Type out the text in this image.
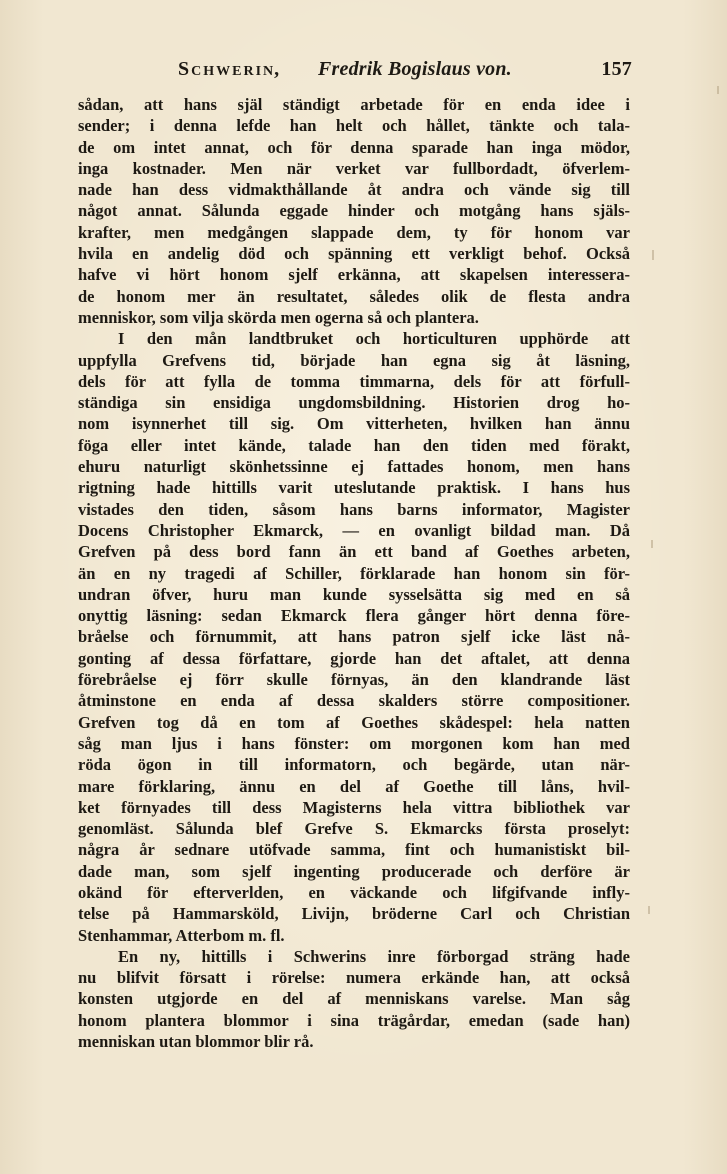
Schwerin, Fredrik Bogislaus von.	157
sådan, att hans själ ständigt arbetade för en enda idee i
sender; i denna lefde han helt och hållet, tänkte och tala-
de om intet annat, och för denna sparade han inga mödor,
inga kostnader. Men när verket var fullbordadt, öfverlem-
nade han dess vidmakthållande åt andra och vände sig till
något annat. Sålunda eggade hinder och motgång hans själs-
krafter, men medgången slappade dem, ty för honom var
hvila en andelig död och spänning ett verkligt behof. Också
hafve vi hört honom sjelf erkänna, att skapelsen interessera-
de honom mer än resultatet, således olik de flesta andra
menniskor, som vilja skörda men ogerna så och plantera.
I den mån landtbruket och horticulturen upphörde att
uppfylla Grefvens tid, började han egna sig åt läsning,
dels för att fylla de tomma timmarna, dels för att förfull-
ständiga sin ensidiga ungdomsbildning. Historien drog ho-
nom isynnerhet till sig. Om vitterheten, hvilken han ännu
föga eller intet kände, talade han den tiden med förakt,
ehuru naturligt skönhetssinne ej fattades honom, men hans
rigtning hade hittills varit uteslutande praktisk. I hans hus
vistades den tiden, såsom hans barns informator, Magister
Docens Christopher Ekmarck, — en ovanligt bildad man. Då
Grefven på dess bord fann än ett band af Goethes arbeten,
än en ny tragedi af Schiller, förklarade han honom sin för-
undran öfver, huru man kunde sysselsätta sig med en så
onyttig läsning: sedan Ekmarck flera gånger hört denna före-
bråelse och förnummit, att hans patron sjelf icke läst nå-
gonting af dessa författare, gjorde han det aftalet, att denna
förebråelse ej förr skulle förnyas, än den klandrande läst
åtminstone en enda af dessa skalders större compositioner.
Grefven tog då en tom af Goethes skådespel: hela natten
såg man ljus i hans fönster: om morgonen kom han med
röda ögon in till informatorn, och begärde, utan när-
mare förklaring, ännu en del af Goethe till låns, hvil-
ket förnyades till dess Magisterns hela vittra bibliothek var
genomläst. Sålunda blef Grefve S. Ekmarcks första proselyt:
några år sednare utöfvade samma, fint och humanistiskt bil-
dade man, som sjelf ingenting producerade och derföre är
okänd för efterverlden, en väckande och lifgifvande infly-
telse på Hammarsköld, Livijn, bröderne Carl och Christian
Stenhammar, Atterbom m. fl.
En ny, hittills i Schwerins inre förborgad sträng hade
nu blifvit försatt i rörelse: numera erkände han, att också
konsten utgjorde en del af menniskans varelse. Man såg
honom plantera blommor i sina trägårdar, emedan (sade han)
menniskan utan blommor blir rå.
